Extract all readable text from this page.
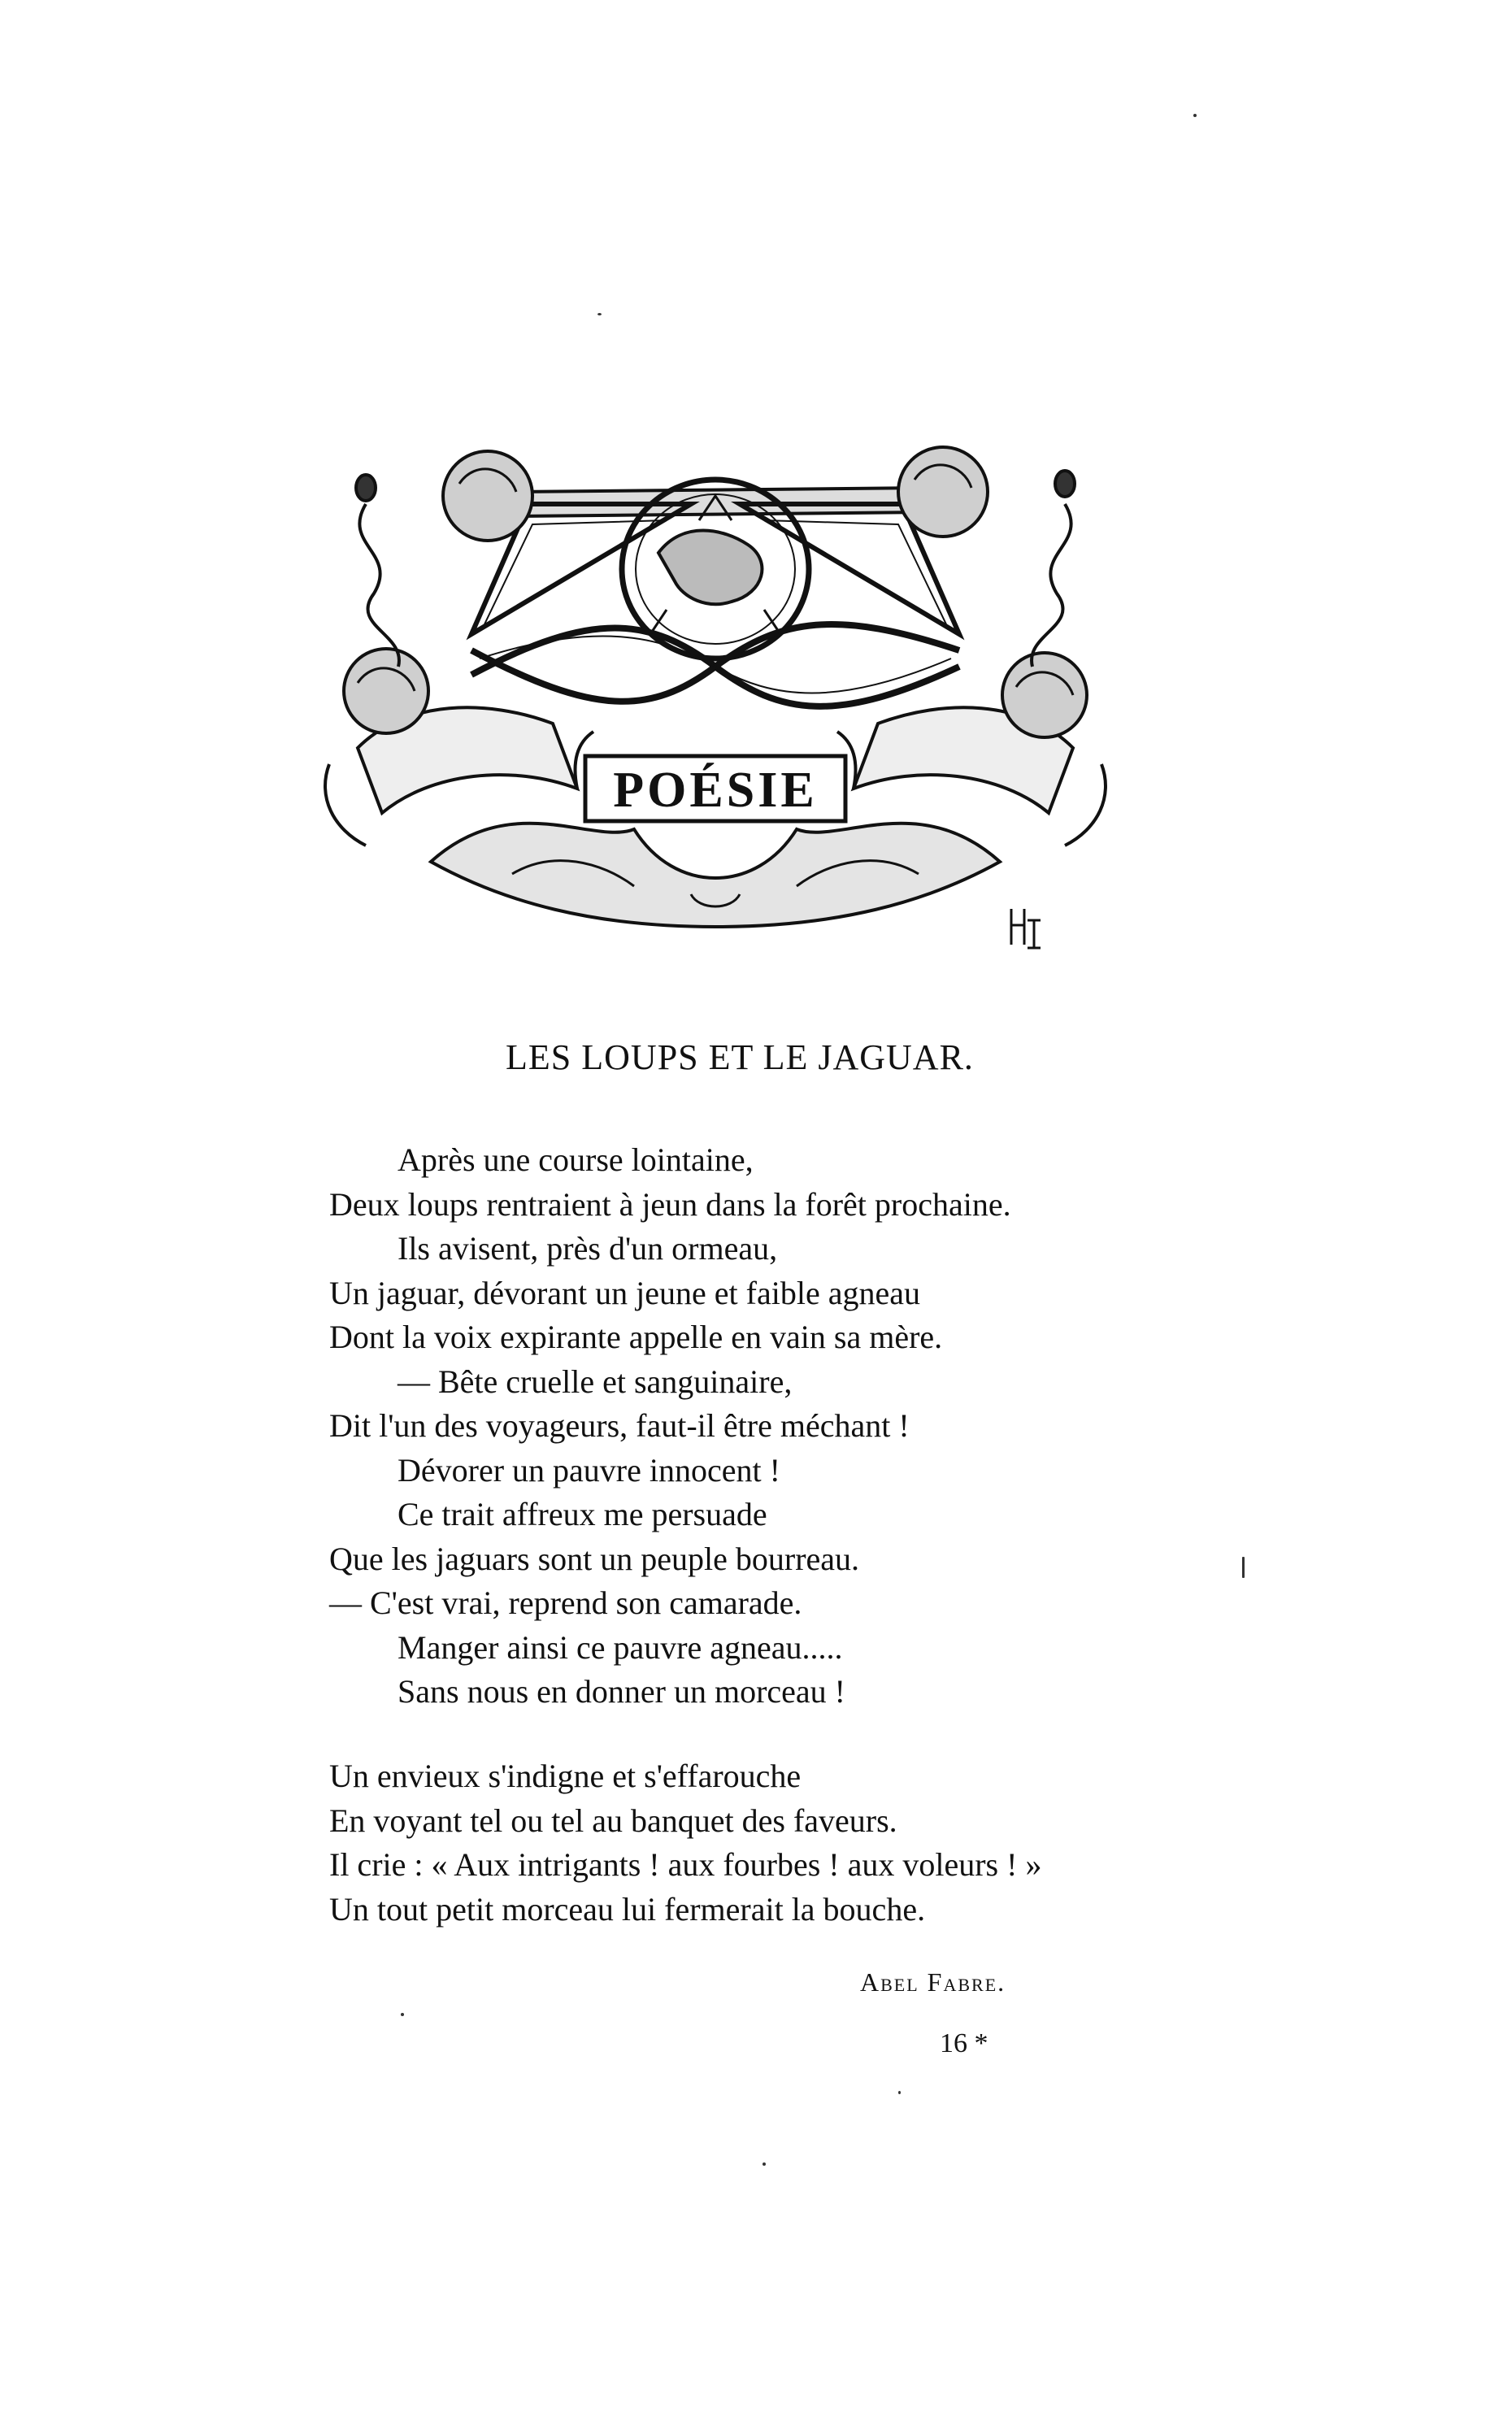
POÉSIE
LES LOUPS ET LE JAGUAR.
Après une course lointaine,
Deux loups rentraient à jeun dans la forêt prochaine.
Ils avisent, près d'un ormeau,
Un jaguar, dévorant un jeune et faible agneau
Dont la voix expirante appelle en vain sa mère.
— Bête cruelle et sanguinaire,
Dit l'un des voyageurs, faut-il être méchant !
Dévorer un pauvre innocent !
Ce trait affreux me persuade
Que les jaguars sont un peuple bourreau.
— C'est vrai, reprend son camarade.
Manger ainsi ce pauvre agneau.....
Sans nous en donner un morceau !
Un envieux s'indigne et s'effarouche
En voyant tel ou tel au banquet des faveurs.
Il crie : « Aux intrigants ! aux fourbes ! aux voleurs ! »
Un tout petit morceau lui fermerait la bouche.
Abel Fabre.
16 *
